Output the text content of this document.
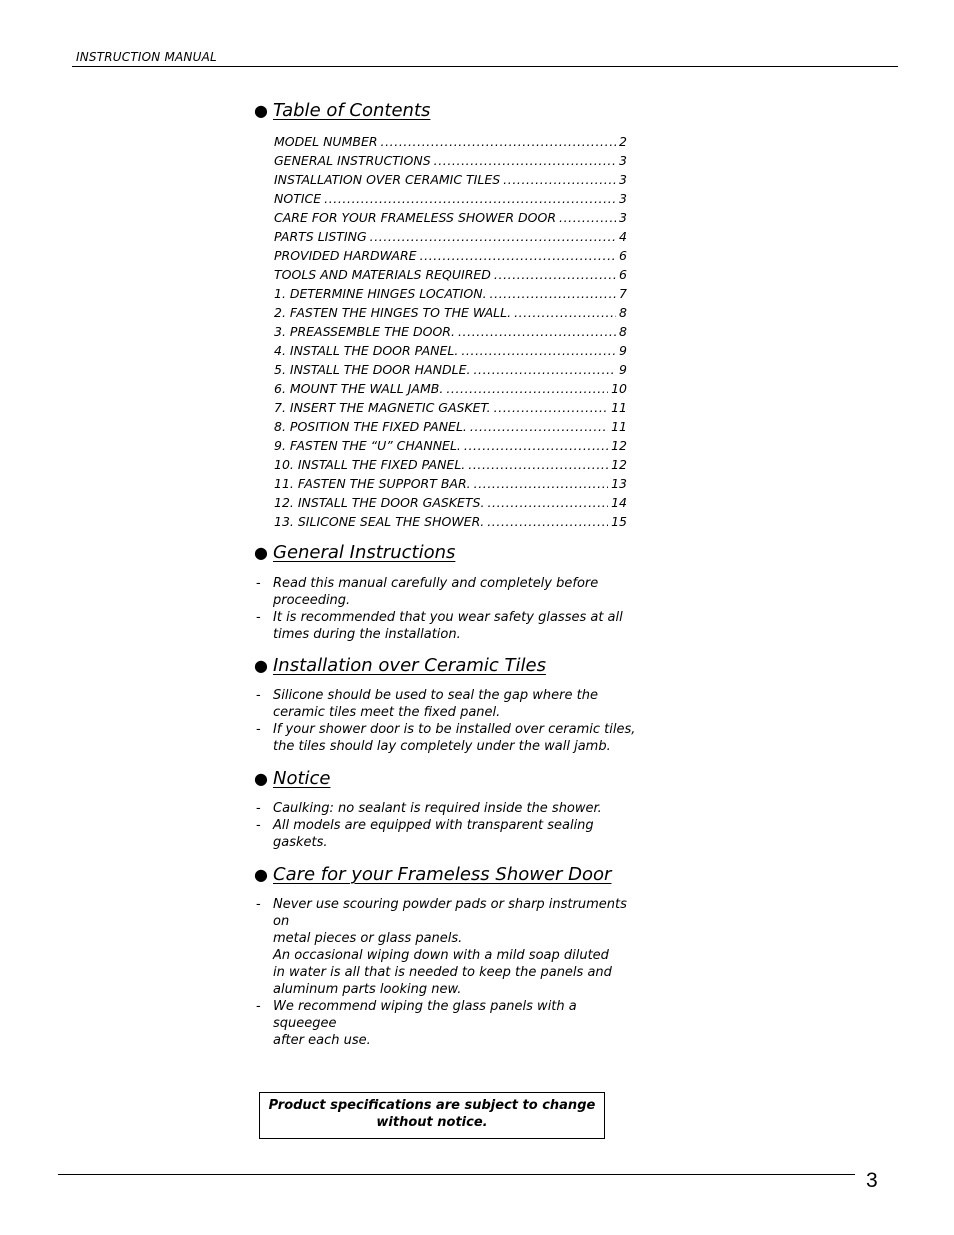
INSTRUCTION MANUAL
● Table of Contents
MODEL NUMBER .....	2
GENERAL INSTRUCTIONS .....	3
INSTALLATION OVER CERAMIC TILES .....	3
NOTICE .....	3
CARE FOR YOUR FRAMELESS SHOWER DOOR .....	3
PARTS LISTING .....	4
PROVIDED HARDWARE .....	6
TOOLS AND MATERIALS REQUIRED .....	6
1. DETERMINE HINGES LOCATION. .....	7
2. FASTEN THE HINGES TO THE WALL. .....	8
3. PREASSEMBLE THE DOOR. .....	8
4. INSTALL THE DOOR PANEL. .....	9
5. INSTALL THE DOOR HANDLE. .....	9
6. MOUNT THE WALL JAMB. .....	10
7. INSERT THE MAGNETIC GASKET. .....	11
8. POSITION THE FIXED PANEL. .....	11
9. FASTEN THE “U” CHANNEL. .....	12
10. INSTALL THE FIXED PANEL. .....	12
11. FASTEN THE SUPPORT BAR. .....	13
12. INSTALL THE DOOR GASKETS. .....	14
13. SILICONE SEAL THE SHOWER. .....	15
● General Instructions
- Read this manual carefully and completely before
proceeding.
- It is recommended that you wear safety glasses at all
times during the installation.
● Installation over Ceramic Tiles
- Silicone should be used to seal the gap where the
ceramic tiles meet the fixed panel.
- If your shower door is to be installed over ceramic tiles,
the tiles should lay completely under the wall jamb.
● Notice
- Caulking: no sealant is required inside the shower.
- All models are equipped with transparent sealing
gaskets.
● Care for your Frameless Shower Door
- Never use scouring powder pads or sharp instruments on
metal pieces or glass panels.
An occasional wiping down with a mild soap diluted
in water is all that is needed to keep the panels and
aluminum parts looking new.
- We recommend wiping the glass panels with a squeegee
after each use.
Product specifications are subject to change
without notice.
3
